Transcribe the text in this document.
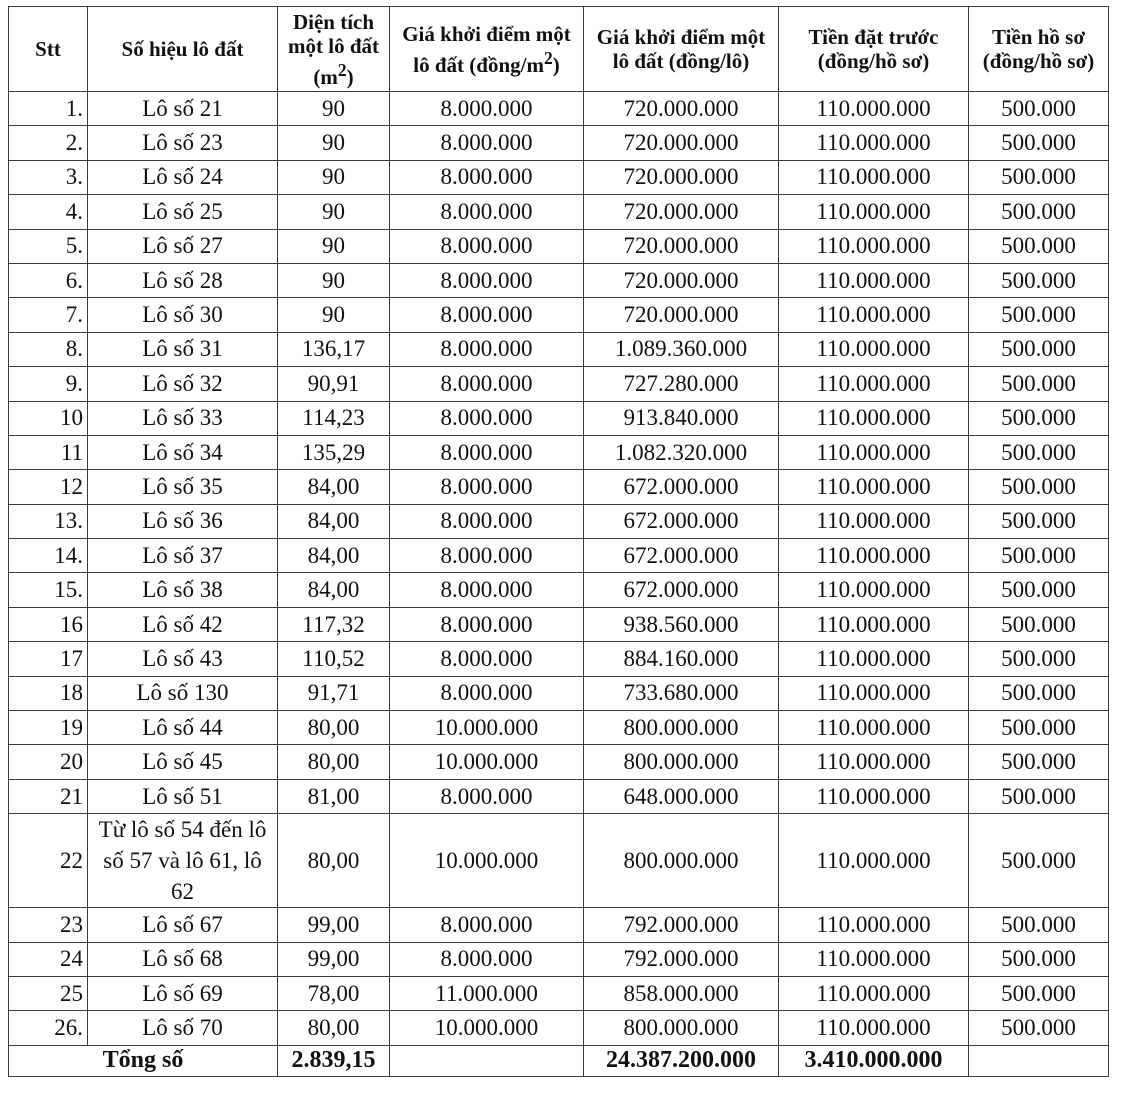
Stt	Số hiệu lô đất	Diện tích một lô đất $(m^2)$	Giá khởi điểm một lô đất $(đồng/m^2)$	Giá khởi điểm một lô đất (đồng/lô)	Tiền đặt trước (đồng/hồ sơ)	Tiền hồ sơ (đồng/hồ sơ)
1.	Lô số 21	90	8.000.000	720.000.000	110.000.000	500.000
2.	Lô số 23	90	8.000.000	720.000.000	110.000.000	500.000
3.	Lô số 24	90	8.000.000	720.000.000	110.000.000	500.000
4.	Lô số 25	90	8.000.000	720.000.000	110.000.000	500.000
5.	Lô số 27	90	8.000.000	720.000.000	110.000.000	500.000
6.	Lô số 28	90	8.000.000	720.000.000	110.000.000	500.000
7.	Lô số 30	90	8.000.000	720.000.000	110.000.000	500.000
8.	Lô số 31	136,17	8.000.000	1.089.360.000	110.000.000	500.000
9.	Lô số 32	90,91	8.000.000	727.280.000	110.000.000	500.000
10	Lô số 33	114,23	8.000.000	913.840.000	110.000.000	500.000
11	Lô số 34	135,29	8.000.000	1.082.320.000	110.000.000	500.000
12	Lô số 35	84,00	8.000.000	672.000.000	110.000.000	500.000
13.	Lô số 36	84,00	8.000.000	672.000.000	110.000.000	500.000
14.	Lô số 37	84,00	8.000.000	672.000.000	110.000.000	500.000
15.	Lô số 38	84,00	8.000.000	672.000.000	110.000.000	500.000
16	Lô số 42	117,32	8.000.000	938.560.000	110.000.000	500.000
17	Lô số 43	110,52	8.000.000	884.160.000	110.000.000	500.000
18	Lô số 130	91,71	8.000.000	733.680.000	110.000.000	500.000
19	Lô số 44	80,00	10.000.000	800.000.000	110.000.000	500.000
20	Lô số 45	80,00	10.000.000	800.000.000	110.000.000	500.000
21	Lô số 51	81,00	8.000.000	648.000.000	110.000.000	500.000
22	Từ lô số 54 đến lô số 57 và lô 61, lô 62	80,00	10.000.000	800.000.000	110.000.000	500.000
23	Lô số 67	99,00	8.000.000	792.000.000	110.000.000	500.000
24	Lô số 68	99,00	8.000.000	792.000.000	110.000.000	500.000
25	Lô số 69	78,00	11.000.000	858.000.000	110.000.000	500.000
26.	Lô số 70	80,00	10.000.000	800.000.000	110.000.000	500.000
Tổng số		2.839,15		24.387.200.000	3.410.000.000	
